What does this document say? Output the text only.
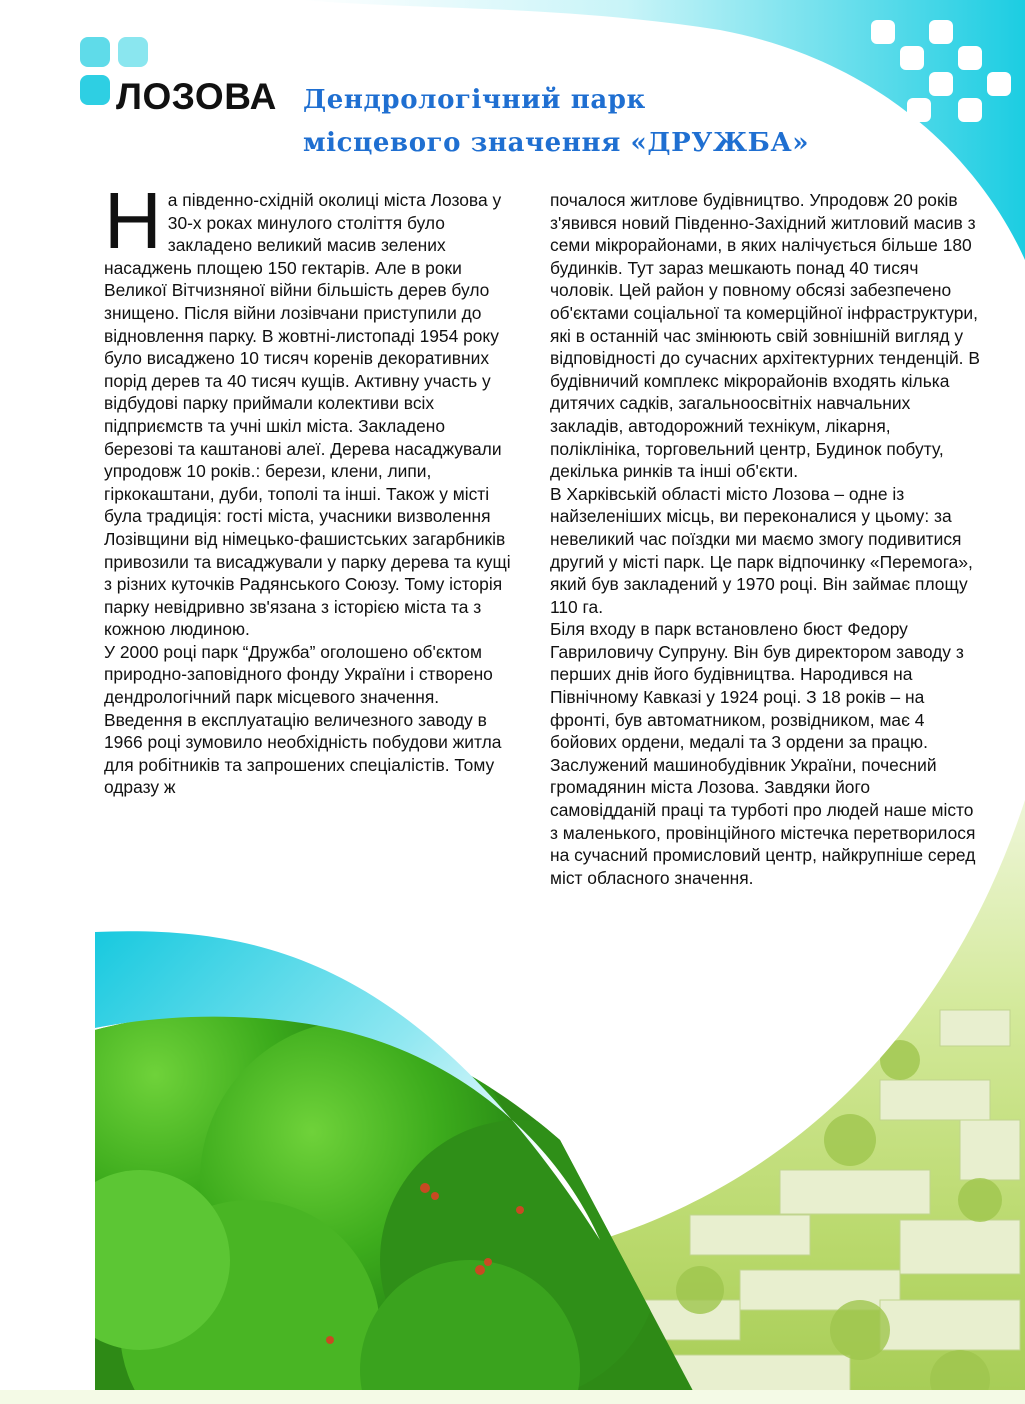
ЛОЗОВА Дендрологічний парк
місцевого значення «ДРУЖБА»
Н а південно-східній околиці міста Лозова у 30-х роках минулого століття було закладено великий масив зелених насаджень площею 150 гектарів. Але в роки Великої Вітчизняної війни більшість дерев було знищено. Після війни лозівчани приступили до відновлення парку. В жовтні-листопаді 1954 року було висаджено 10 тисяч коренів декоративних порід дерев та 40 тисяч кущів. Активну участь у відбудові парку приймали колективи всіх підприємств та учні шкіл міста. Закладено березові та каштанові алеї. Дерева насаджували упродовж 10 років.: берези, клени, липи, гіркокаштани, дуби, тополі та інші. Також у місті була традиція: гості міста, учасники визволення Лозівщини від німецько-фашистських загарбників привозили та висаджували у парку дерева та кущі з різних куточків Радянського Союзу. Тому історія парку невідривно зв'язана з історією міста та з кожною людиною.

У 2000 році парк “Дружба” оголошено об'єктом природно-заповідного фонду України і створено дендрологічний парк місцевого значення.

Введення в експлуатацію величезного заводу в 1966 році зумовило необхідність побудови житла для робітників та запрошених спеціалістів. Тому одразу ж

почалося житлове будівництво. Упродовж 20 років з'явився новий Південно-Західний житловий масив з семи мікрорайонами, в яких налічується більше 180 будинків. Тут зараз мешкають понад 40 тисяч чоловік. Цей район у повному обсязі забезпечено об'єктами соціальної та комерційної інфраструктури, які в останній час змінюють свій зовнішній вигляд у відповідності до сучасних архітектурних тенденцій. В будівничий комплекс мікрорайонів входять кілька дитячих садків, загальноосвітніх навчальних закладів, автодорожний технікум, лікарня, поліклініка, торговельний центр, Будинок побуту, декілька ринків та інші об'єкти.

В Харківській області місто Лозова – одне із найзеленіших місць, ви переконалися у цьому: за невеликий час поїздки ми маємо змогу подивитися другий у місті парк. Це парк відпочинку «Перемога», який був закладений у 1970 році. Він займає площу 110 га.

Біля входу в парк встановлено бюст Федору Гавриловичу Супруну. Він був директором заводу з перших днів його будівництва. Народився на Північному Кавказі у 1924 році. З 18 років – на фронті, був автоматником, розвідником, має 4 бойових ордени, медалі та 3 ордени за працю. Заслужений машинобудівник України, почесний громадянин міста Лозова. Завдяки його самовідданій праці та турботі про людей наше місто з маленького, провінційного містечка перетворилося на сучасний промисловий центр, найкрупніше серед міст обласного значення.
